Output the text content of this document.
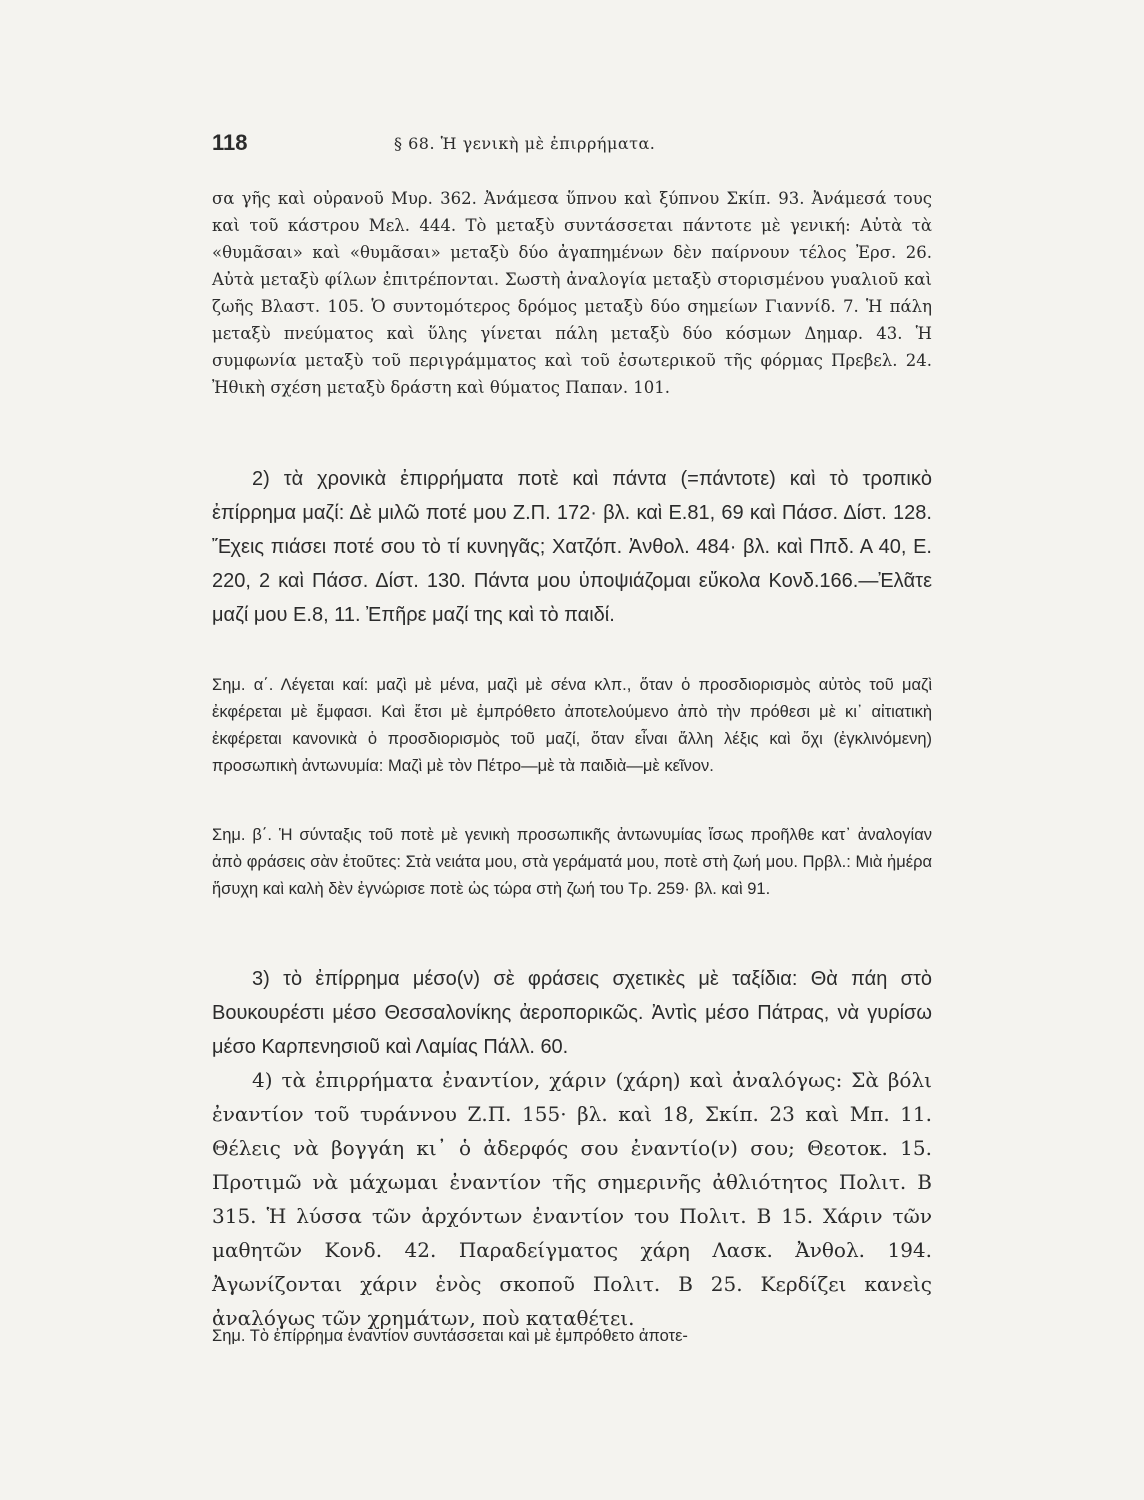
118	§ 68. Ἡ γενικὴ μὲ ἐπιρρήματα.

σα γῆς καὶ οὐρανοῦ Μυρ. 362. Ἀνάμεσα ὕπνου καὶ ξύπνου Σκίπ. 93. Ἀνάμεσά τους καὶ τοῦ κάστρου Μελ. 444. Τὸ μεταξὺ συντάσσεται πάντοτε μὲ γενική: Αὐτὰ τὰ «θυμᾶσαι» καὶ «θυμᾶσαι» μεταξὺ δύο ἀγαπημένων δὲν παίρνουν τέλος Ἐρσ. 26. Αὐτὰ μεταξὺ φίλων ἐπιτρέπονται. Σωστὴ ἀναλογία μεταξὺ στορισμένου γυαλιοῦ καὶ ζωῆς Βλαστ. 105. Ὁ συντομότερος δρόμος μεταξὺ δύο σημείων Γιαννίδ. 7. Ἡ πάλη μεταξὺ πνεύματος καὶ ὕλης γίνεται πάλη μεταξὺ δύο κόσμων Δημαρ. 43. Ἡ συμφωνία μεταξὺ τοῦ περιγράμματος καὶ τοῦ ἐσωτερικοῦ τῆς φόρμας Πρεβελ. 24. Ἠθικὴ σχέση μεταξὺ δράστη καὶ θύματος Παπαν. 101.

2) τὰ χρονικὰ ἐπιρρήματα ποτὲ καὶ πάντα (=πάντοτε) καὶ τὸ τροπικὸ ἐπίρρημα μαζί: Δὲ μιλῶ ποτέ μου Ζ.Π. 172· βλ. καὶ Ε.81, 69 καὶ Πάσσ. Δίστ. 128. Ἔχεις πιάσει ποτέ σου τὸ τί κυνηγᾶς; Χατζόπ. Ἀνθολ. 484· βλ. καὶ Ππδ. Α 40, Ε. 220, 2 καὶ Πάσσ. Δίστ. 130. Πάντα μου ὑποψιάζομαι εὔκολα Κονδ.166.—Ἐλᾶτε μαζί μου Ε.8, 11. Ἐπῆρε μαζί της καὶ τὸ παιδί.

Σημ. α΄. Λέγεται καί: μαζὶ μὲ μένα, μαζὶ μὲ σένα κλπ., ὅταν ὁ προσδιορισμὸς αὐτὸς τοῦ μαζὶ ἐκφέρεται μὲ ἔμφασι. Καὶ ἔτσι μὲ ἐμπρόθετο ἀποτελούμενο ἀπὸ τὴν πρόθεσι μὲ κι᾽ αἰτιατικὴ ἐκφέρεται κανονικὰ ὁ προσδιορισμὸς τοῦ μαζί, ὅταν εἶναι ἄλλη λέξις καὶ ὄχι (ἐγκλινόμενη) προσωπικὴ ἀντωνυμία: Μαζὶ μὲ τὸν Πέτρο—μὲ τὰ παιδιὰ—μὲ κεῖνον.

Σημ. β΄. Ἡ σύνταξις τοῦ ποτὲ μὲ γενικὴ προσωπικῆς ἀντωνυμίας ἴσως προῆλθε κατ᾽ ἀναλογίαν ἀπὸ φράσεις σὰν ἐτοῦτες: Στὰ νειάτα μου, στὰ γεράματά μου, ποτὲ στὴ ζωή μου. Πρβλ.: Μιὰ ἡμέρα ἥσυχη καὶ καλὴ δὲν ἐγνώρισε ποτὲ ὡς τώρα στὴ ζωή του Τρ. 259· βλ. καὶ 91.

3) τὸ ἐπίρρημα μέσο(ν) σὲ φράσεις σχετικὲς μὲ ταξίδια: Θὰ πάη στὸ Βουκουρέστι μέσο Θεσσαλονίκης ἀεροπορικῶς. Ἀντὶς μέσο Πάτρας, νὰ γυρίσω μέσο Καρπενησιοῦ καὶ Λαμίας Πάλλ. 60.

4) τὰ ἐπιρρήματα ἐναντίον, χάριν (χάρη) καὶ ἀναλόγως: Σὰ βόλι ἐναντίον τοῦ τυράννου Ζ.Π. 155· βλ. καὶ 18, Σκίπ. 23 καὶ Μπ. 11. Θέλεις νὰ βογγάη κι᾽ ὁ ἀδερφός σου ἐναντίο(ν) σου; Θεοτοκ. 15. Προτιμῶ νὰ μάχωμαι ἐναντίον τῆς σημερινῆς ἀθλιότητος Πολιτ. Β 315. Ἡ λύσσα τῶν ἀρχόντων ἐναντίον του Πολιτ. Β 15. Χάριν τῶν μαθητῶν Κονδ. 42. Παραδείγματος χάρη Λασκ. Ἀνθολ. 194. Ἀγωνίζονται χάριν ἑνὸς σκοποῦ Πολιτ. Β 25. Κερδίζει κανεὶς ἀναλόγως τῶν χρημάτων, ποὺ καταθέτει.

Σημ. Τὸ ἐπίρρημα ἐναντίον συντάσσεται καὶ μὲ ἐμπρόθετο ἀποτε-
